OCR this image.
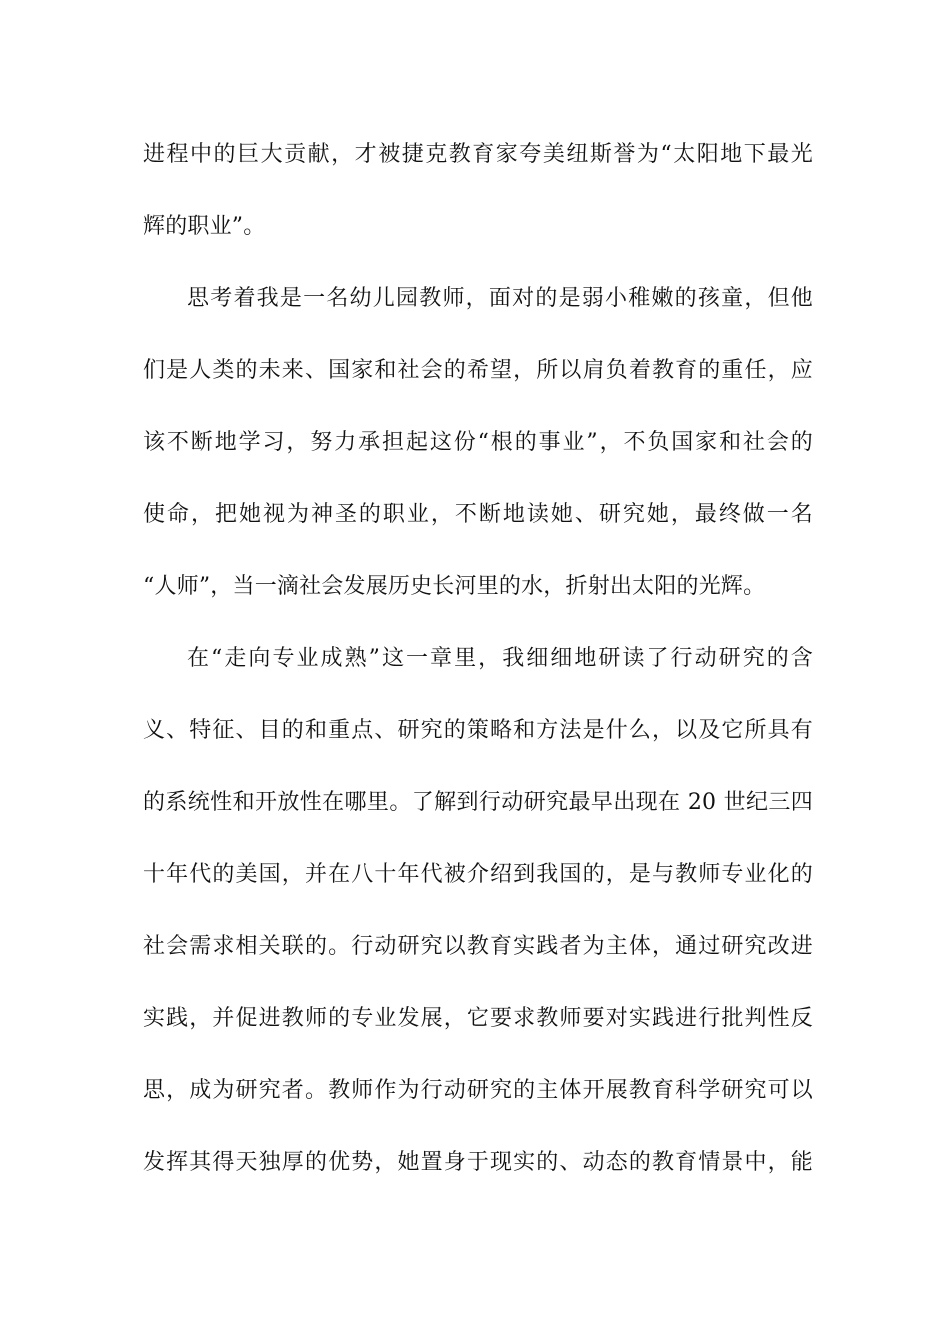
进程中的巨大贡献，才被捷克教育家夸美纽斯誉为“太阳地下最光
辉的职业”。
思考着我是一名幼儿园教师，面对的是弱小稚嫩的孩童，但他
们是人类的未来、国家和社会的希望，所以肩负着教育的重任，应
该不断地学习，努力承担起这份“根的事业”，不负国家和社会的
使命，把她视为神圣的职业，不断地读她、研究她，最终做一名
“人师”，当一滴社会发展历史长河里的水，折射出太阳的光辉。
在“走向专业成熟”这一章里，我细细地研读了行动研究的含
义、特征、目的和重点、研究的策略和方法是什么，以及它所具有
的系统性和开放性在哪里。了解到行动研究最早出现在 20 世纪三四
十年代的美国，并在八十年代被介绍到我国的，是与教师专业化的
社会需求相关联的。行动研究以教育实践者为主体，通过研究改进
实践，并促进教师的专业发展，它要求教师要对实践进行批判性反
思，成为研究者。教师作为行动研究的主体开展教育科学研究可以
发挥其得天独厚的优势，她置身于现实的、动态的教育情景中，能
